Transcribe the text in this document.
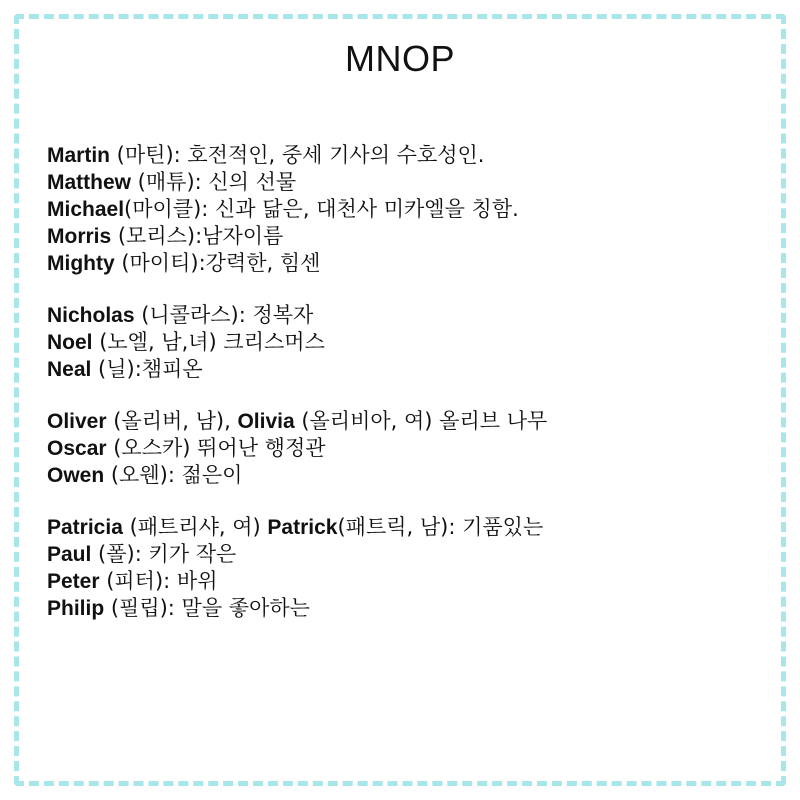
MNOP
Martin (마틴): 호전적인, 중세 기사의 수호성인.
Matthew (매튜): 신의 선물
Michael(마이클): 신과 닮은, 대천사 미카엘을 칭함.
Morris (모리스):남자이름
Mighty (마이티):강력한, 힘센
Nicholas (니콜라스): 정복자
Noel (노엘, 남,녀) 크리스머스
Neal (닐):챔피온
Oliver (올리버, 남), Olivia (올리비아, 여) 올리브 나무
Oscar (오스카) 뛰어난 행정관
Owen (오웬): 젊은이
Patricia (패트리샤, 여) Patrick(패트릭, 남): 기품있는
Paul (폴): 키가 작은
Peter (피터): 바위
Philip (필립): 말을 좋아하는
